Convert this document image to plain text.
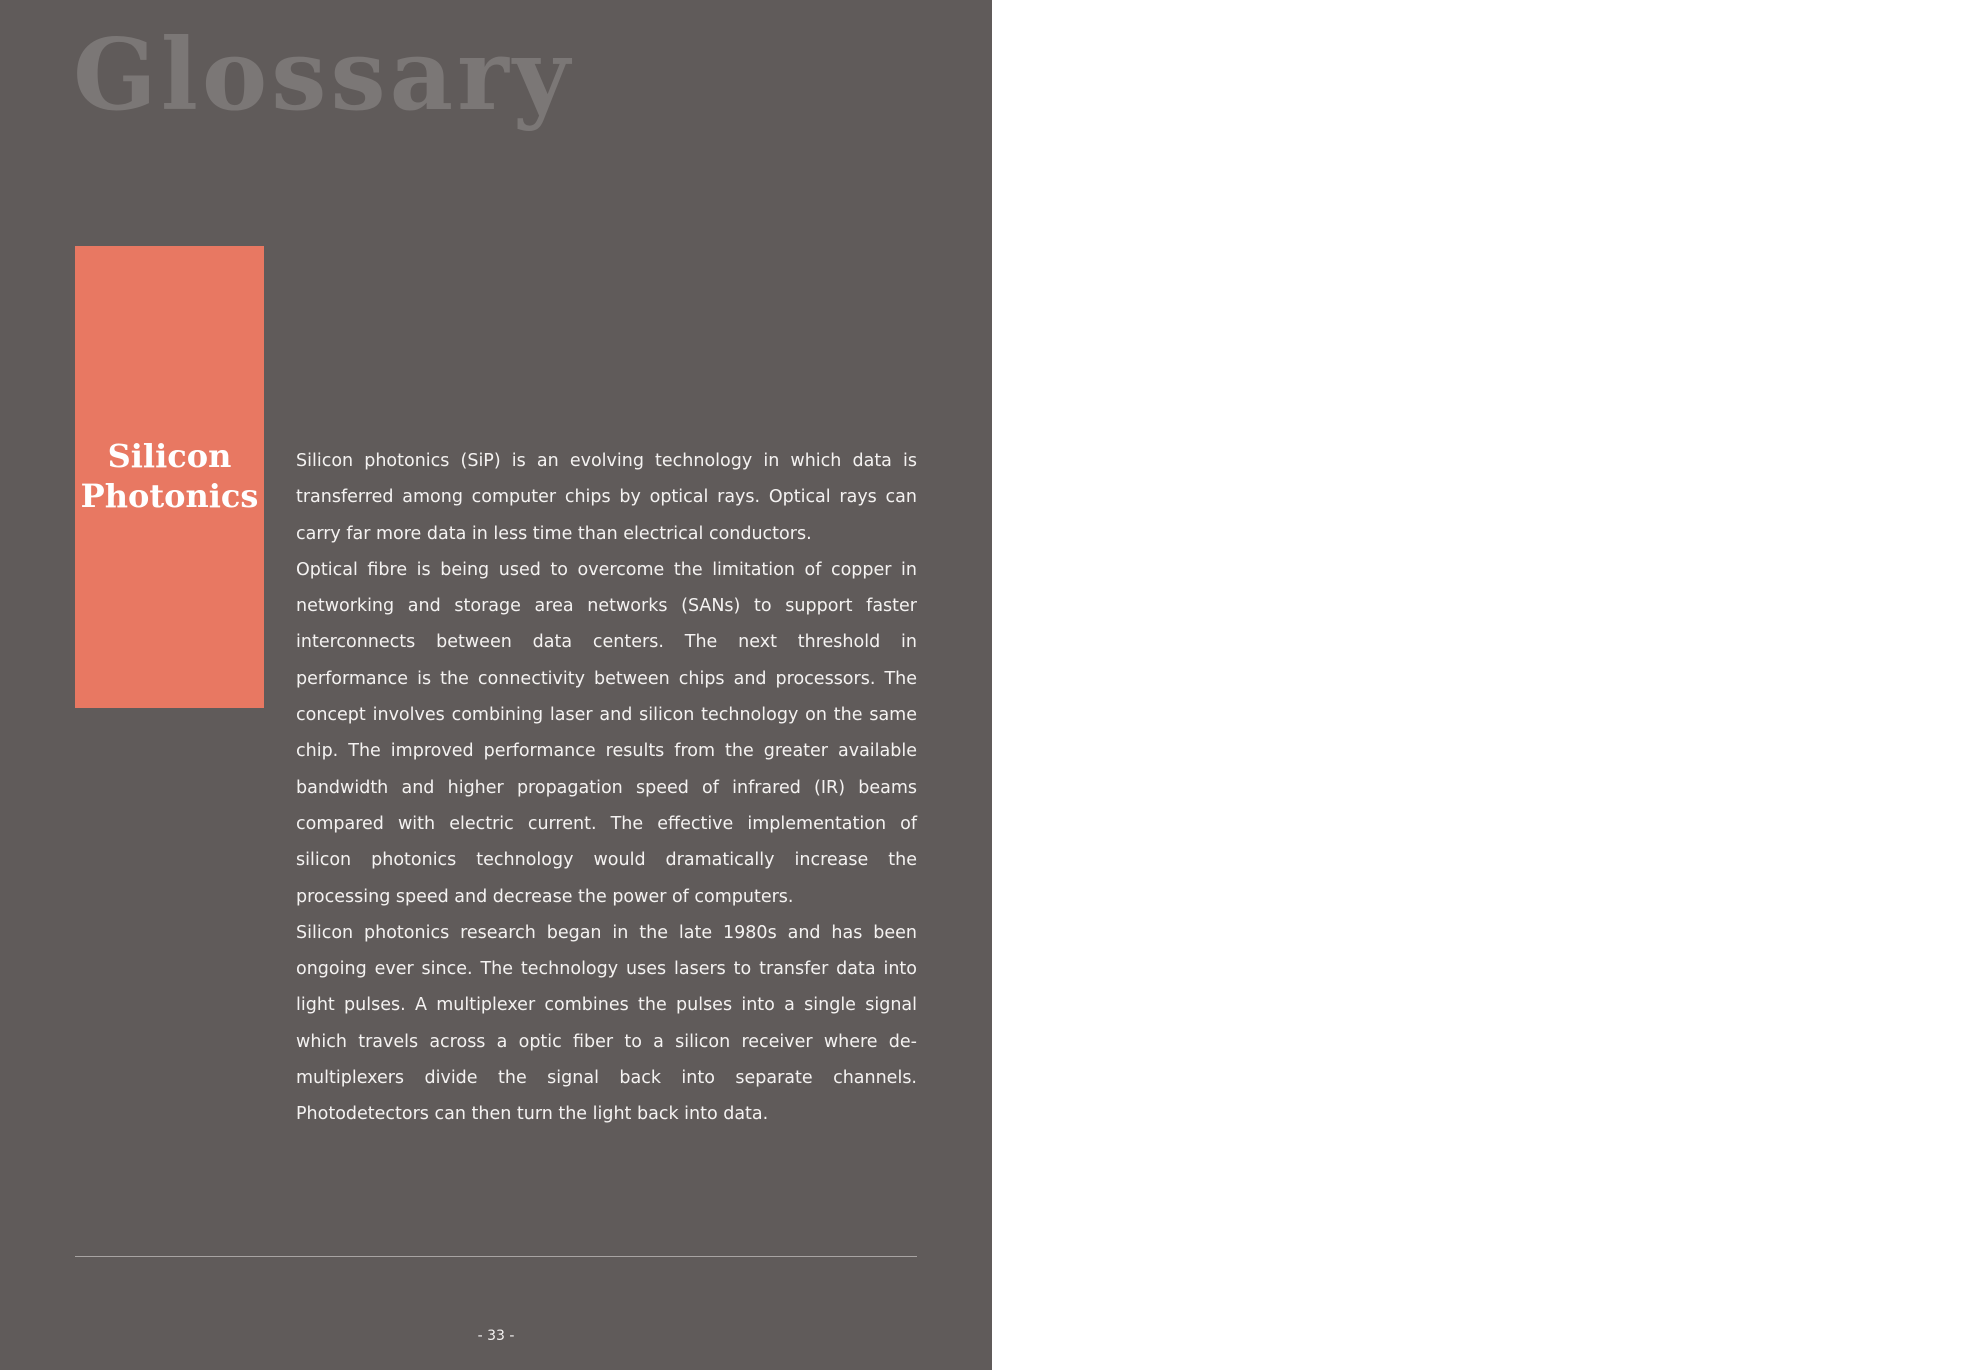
Glossary
Silicon
Photonics

Silicon photonics (SiP) is an evolving technology in which data is transferred among computer chips by optical rays. Optical rays can carry far more data in less time than electrical conductors.

Optical fibre is being used to overcome the limitation of copper in networking and storage area networks (SANs) to support faster interconnects between data centers. The next threshold in performance is the connectivity between chips and processors. The concept involves combining laser and silicon technology on the same chip. The improved performance results from the greater available bandwidth and higher propagation speed of infrared (IR) beams compared with electric current. The effective implementation of silicon photonics technology would dramatically increase the processing speed and decrease the power of computers.

Silicon photonics research began in the late 1980s and has been ongoing ever since. The technology uses lasers to transfer data into light pulses. A multiplexer combines the pulses into a single signal which travels across a optic fiber to a silicon receiver where de-multiplexers divide the signal back into separate channels. Photodetectors can then turn the light back into data.

- 33 -
